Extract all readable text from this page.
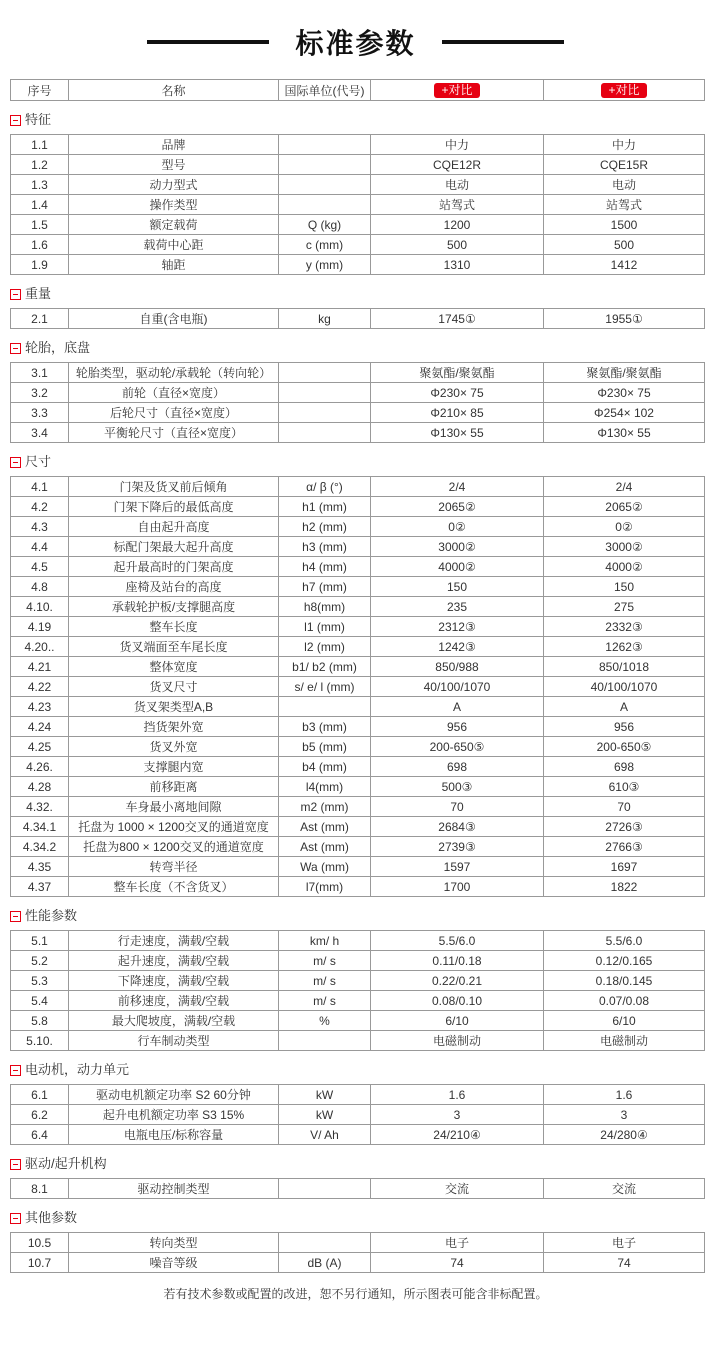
标准参数
序号	名称	国际单位(代号)	+对比	+对比
特征
1.1	品牌		中力	中力
1.2	型号		CQE12R	CQE15R
1.3	动力型式		电动	电动
1.4	操作类型		站驾式	站驾式
1.5	额定载荷	Q (kg)	1200	1500
1.6	载荷中心距	c (mm)	500	500
1.9	轴距	y (mm)	1310	1412
重量
2.1	自重(含电瓶)	kg	1745①	1955①
轮胎，底盘
3.1	轮胎类型，驱动轮/承载轮（转向轮）		聚氨酯/聚氨酯	聚氨酯/聚氨酯
3.2	前轮（直径×宽度）		Φ230× 75	Φ230× 75
3.3	后轮尺寸（直径×宽度）		Φ210× 85	Φ254× 102
3.4	平衡轮尺寸（直径×宽度）		Φ130× 55	Φ130× 55
尺寸
4.1	门架及货叉前后倾角	α/ β (°)	2/4	2/4
4.2	门架下降后的最低高度	h1 (mm)	2065②	2065②
4.3	自由起升高度	h2 (mm)	0②	0②
4.4	标配门架最大起升高度	h3 (mm)	3000②	3000②
4.5	起升最高时的门架高度	h4 (mm)	4000②	4000②
4.8	座椅及站台的高度	h7 (mm)	150	150
4.10.	承载轮护板/支撑腿高度	h8(mm)	235	275
4.19	整车长度	l1 (mm)	2312③	2332③
4.20..	货叉端面至车尾长度	l2 (mm)	1242③	1262③
4.21	整体宽度	b1/ b2 (mm)	850/988	850/1018
4.22	货叉尺寸	s/ e/ l (mm)	40/100/1070	40/100/1070
4.23	货叉架类型A,B		A	A
4.24	挡货架外宽	b3 (mm)	956	956
4.25	货叉外宽	b5 (mm)	200-650⑤	200-650⑤
4.26.	支撑腿内宽	b4 (mm)	698	698
4.28	前移距离	l4(mm)	500③	610③
4.32.	车身最小离地间隙	m2 (mm)	70	70
4.34.1	托盘为 1000 × 1200交叉的通道宽度	Ast (mm)	2684③	2726③
4.34.2	托盘为800 × 1200交叉的通道宽度	Ast (mm)	2739③	2766③
4.35	转弯半径	Wa (mm)	1597	1697
4.37	整车长度（不含货叉）	l7(mm)	1700	1822
性能参数
5.1	行走速度，满载/空载	km/ h	5.5/6.0	5.5/6.0
5.2	起升速度，满载/空载	m/ s	0.11/0.18	0.12/0.165
5.3	下降速度，满载/空载	m/ s	0.22/0.21	0.18/0.145
5.4	前移速度，满载/空载	m/ s	0.08/0.10	0.07/0.08
5.8	最大爬坡度，满载/空载	%	6/10	6/10
5.10.	行车制动类型		电磁制动	电磁制动
电动机，动力单元
6.1	驱动电机额定功率 S2 60分钟	kW	1.6	1.6
6.2	起升电机额定功率 S3 15%	kW	3	3
6.4	电瓶电压/标称容量	V/ Ah	24/210④	24/280④
驱动/起升机构
8.1	驱动控制类型		交流	交流
其他参数
10.5	转向类型		电子	电子
10.7	噪音等级	dB (A)	74	74
若有技术参数或配置的改进，恕不另行通知，所示图表可能含非标配置。
